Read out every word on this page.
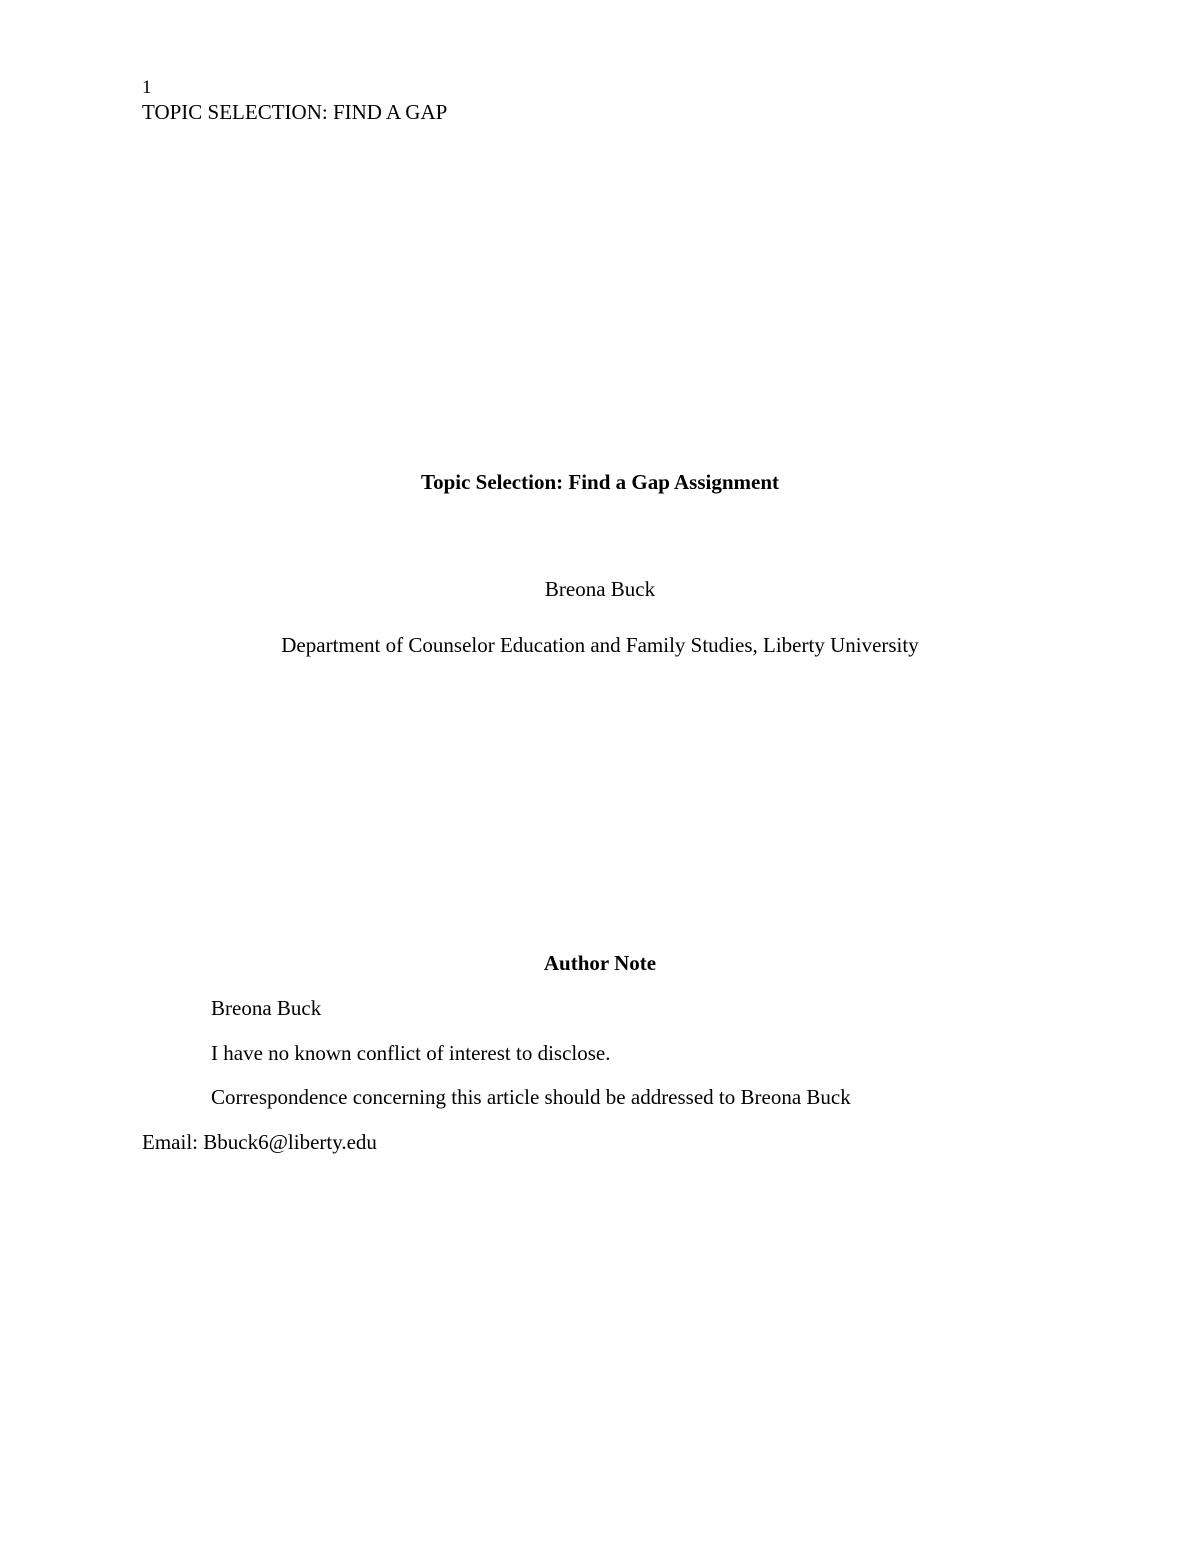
1
TOPIC SELECTION: FIND A GAP
Topic Selection: Find a Gap Assignment
Breona Buck
Department of Counselor Education and Family Studies, Liberty University
Author Note
Breona Buck
I have no known conflict of interest to disclose.
Correspondence concerning this article should be addressed to Breona Buck
Email: Bbuck6@liberty.edu
